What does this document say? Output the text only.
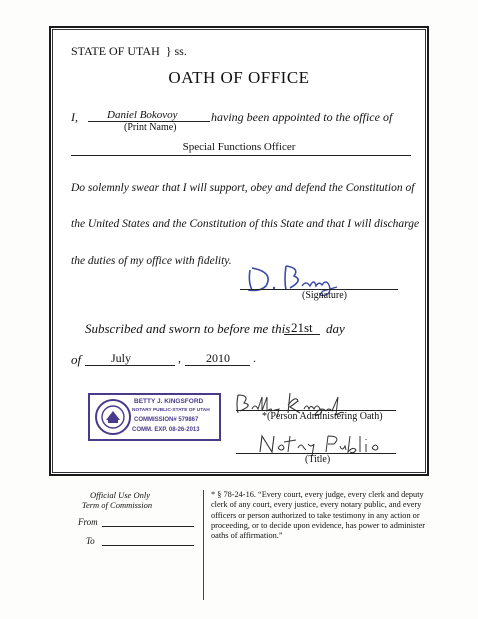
STATE OF UTAH } ss.
OATH OF OFFICE
I,	Daniel Bokovoy	having been appointed to the office of
(Print Name)
Special Functions Officer
Do solemnly swear that I will support, obey and defend the Constitution of
the United States and the Constitution of this State and that I will discharge
the duties of my office with fidelity.
(Signature)
Subscribed and sworn to before me this 21st day
of July	, 2010 .
BETTY J. KINGSFORD
NOTARY PUBLIC-STATE OF UTAH
COMMISSION# 579867
COMM. EXP. 08-26-2013
*(Person Administering Oath)
(Title)
Official Use Only
Term of Commission
From
To
* § 78-24-16. “Every court, every judge, every clerk and deputy clerk of any court, every justice, every notary public, and every officers or person authorized to take testimony in any action or proceeding, or to decide upon evidence, has power to administer oaths of affirmation.”
